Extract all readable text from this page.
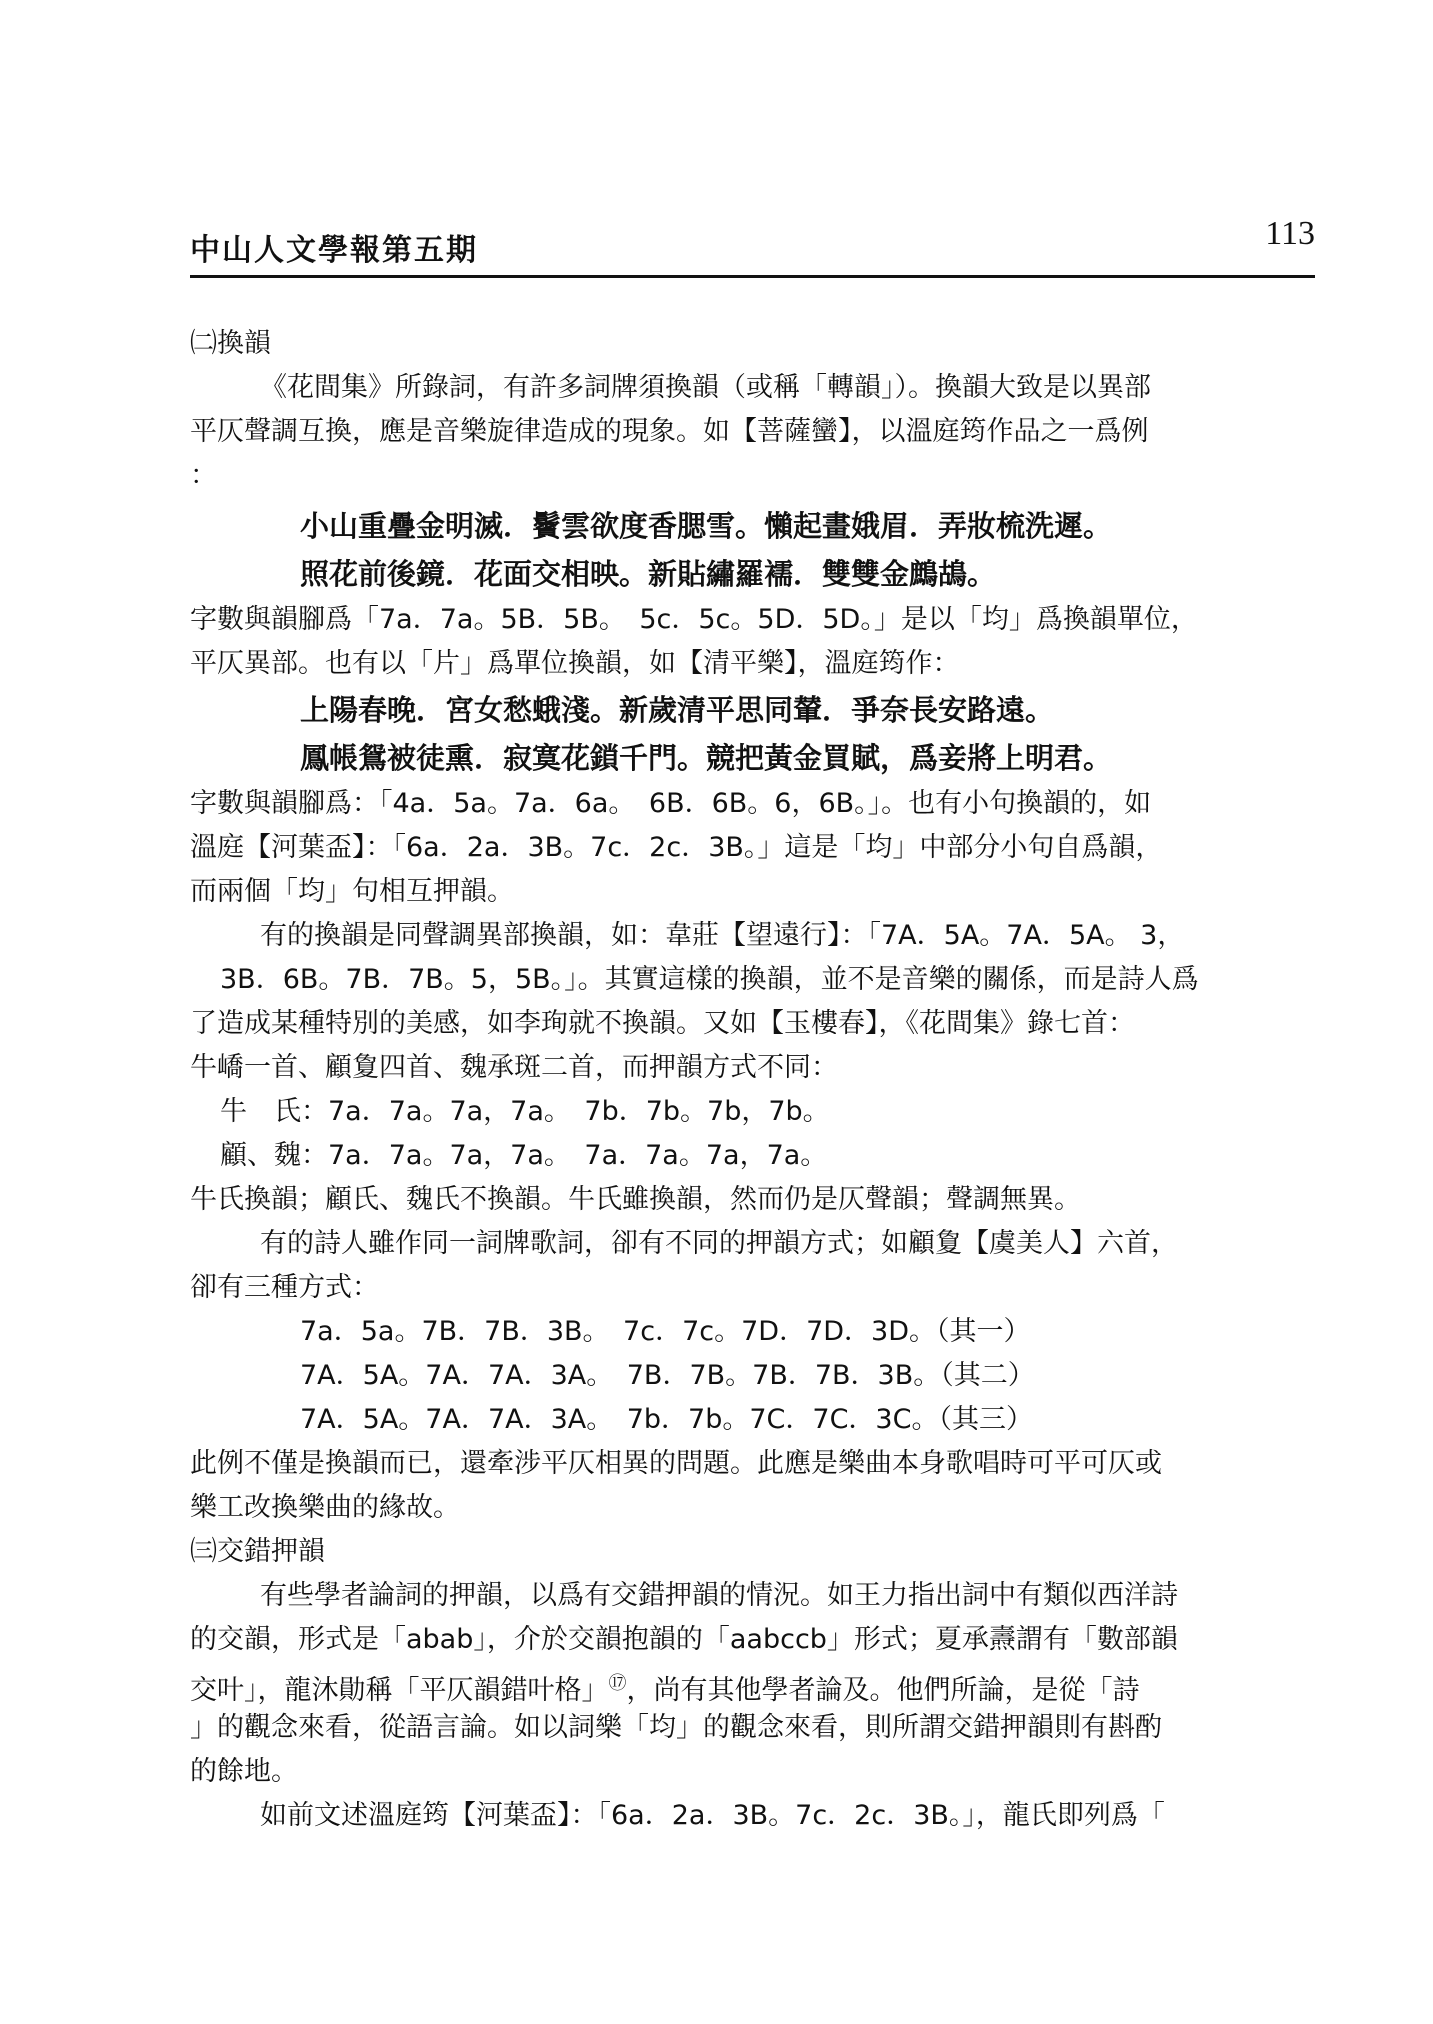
中山人文學報第五期	113
㈡換韻
《花間集》所錄詞，有許多詞牌須換韻（或稱「轉韻」）。換韻大致是以異部
平仄聲調互換，應是音樂旋律造成的現象。如【菩薩蠻】，以溫庭筠作品之一爲例
：
小山重疊金明滅．鬢雲欲度香腮雪。懶起畫娥眉．弄妝梳洗遲。
照花前後鏡．花面交相映。新貼繡羅襦．雙雙金鷓鴣。
字數與韻腳爲「7a．7a。5B．5B。　5c．5c。5D．5D。」是以「均」爲換韻單位，
平仄異部。也有以「片」爲單位換韻，如【清平樂】，溫庭筠作：
上陽春晚．宮女愁蛾淺。新歲清平思同輦．爭奈長安路遠。
鳳帳鴛被徒熏．寂寞花鎖千門。競把黃金買賦，爲妾將上明君。
字數與韻腳爲：「4a．5a。7a．6a。　6B．6B。6，6B。」。也有小句換韻的，如
溫庭【河葉盃】：「6a．2a．3B。7c．2c．3B。」這是「均」中部分小句自爲韻，
而兩個「均」句相互押韻。
有的換韻是同聲調異部換韻，如：韋莊【望遠行】：「7A．5A。7A．5A。 3，
3B．6B。7B．7B。5，5B。」。其實這樣的換韻，並不是音樂的關係，而是詩人爲
了造成某種特別的美感，如李珣就不換韻。又如【玉樓春】，《花間集》錄七首：
牛嶠一首、顧夐四首、魏承斑二首，而押韻方式不同：
牛　氏：7a．7a。7a，7a。　7b．7b。7b，7b。
顧、魏：7a．7a。7a，7a。　7a．7a。7a，7a。
牛氏換韻；顧氏、魏氏不換韻。牛氏雖換韻，然而仍是仄聲韻；聲調無異。
有的詩人雖作同一詞牌歌詞，卻有不同的押韻方式；如顧夐【虞美人】六首，
卻有三種方式：
7a．5a。7B．7B．3B。　7c．7c。7D．7D．3D。（其一）
7A．5A。7A．7A．3A。　7B．7B。7B．7B．3B。（其二）
7A．5A。7A．7A．3A。　7b．7b。7C．7C．3C。（其三）
此例不僅是換韻而已，還牽涉平仄相異的問題。此應是樂曲本身歌唱時可平可仄或
樂工改換樂曲的緣故。
㈢交錯押韻
有些學者論詞的押韻，以爲有交錯押韻的情況。如王力指出詞中有類似西洋詩
的交韻，形式是「abab」，介於交韻抱韻的「aabccb」形式；夏承燾謂有「數部韻
交叶」，龍沐勛稱「平仄韻錯叶格」⑰，尚有其他學者論及。他們所論，是從「詩
」的觀念來看，從語言論。如以詞樂「均」的觀念來看，則所謂交錯押韻則有斟酌
的餘地。
如前文述溫庭筠【河葉盃】：「6a．2a．3B。7c．2c．3B。」，龍氏即列爲「
